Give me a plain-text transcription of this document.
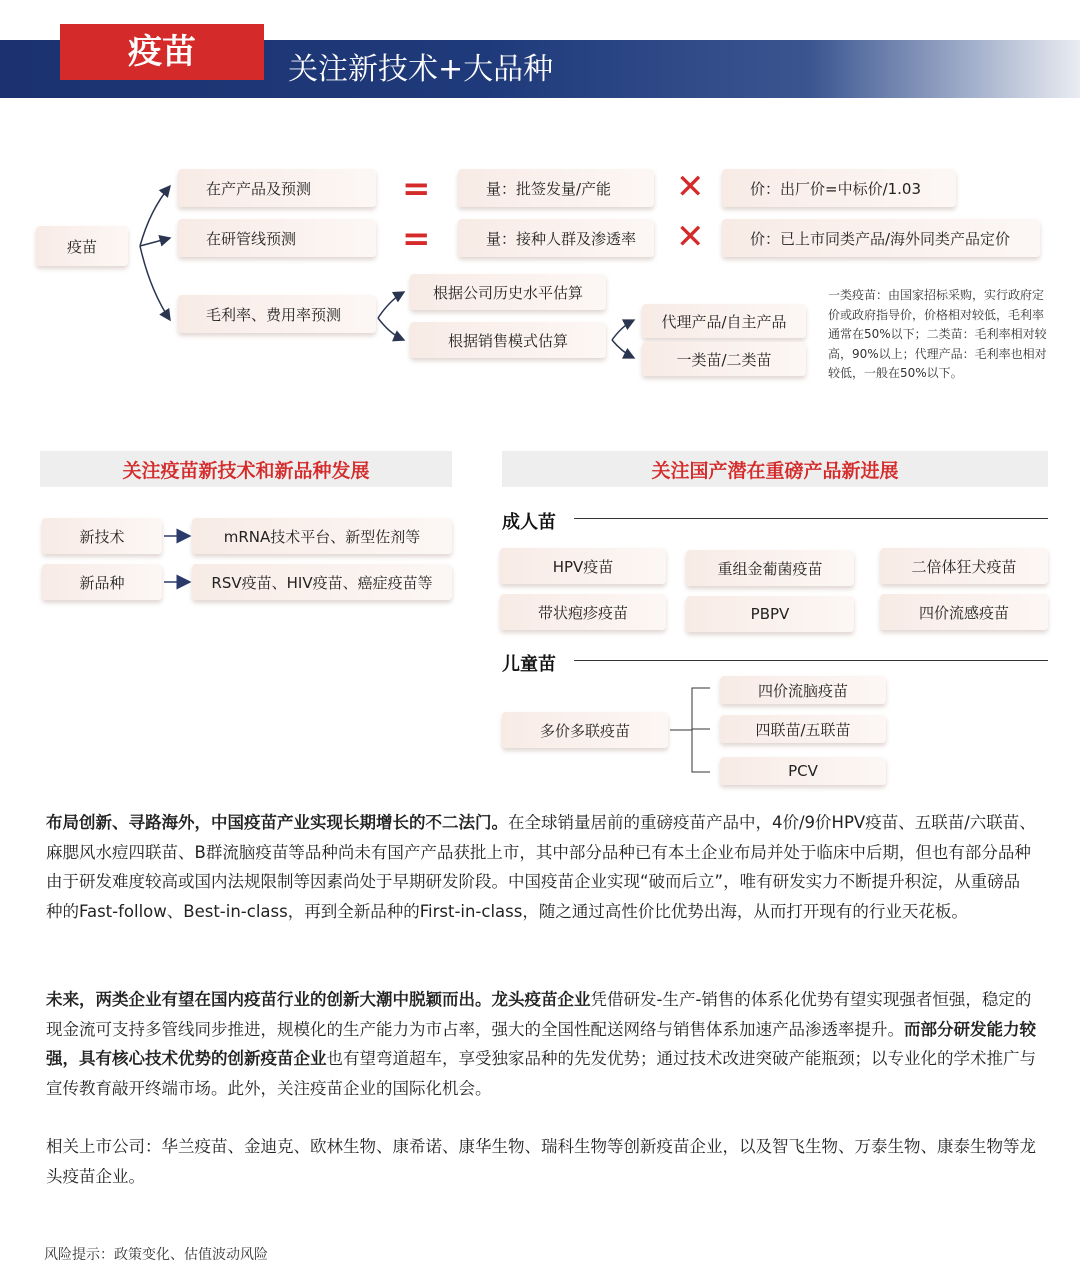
疫苗	关注新技术+大品种
疫苗
在产产品及预测	=	量：批签发量/产能	✕	价：出厂价=中标价/1.03
在研管线预测	=	量：接种人群及渗透率	✕	价：已上市同类产品/海外同类产品定价
毛利率、费用率预测
根据公司历史水平估算
根据销售模式估算
代理产品/自主产品
一类苗/二类苗
一类疫苗：由国家招标采购，实行政府定价或政府指导价，价格相对较低，毛利率通常在50%以下；二类苗：毛利率相对较高，90%以上；代理产品：毛利率也相对较低，一般在50%以下。
关注疫苗新技术和新品种发展
新技术	mRNA技术平台、新型佐剂等
新品种	RSV疫苗、HIV疫苗、癌症疫苗等
关注国产潜在重磅产品新进展
成人苗
HPV疫苗	重组金葡菌疫苗	二倍体狂犬疫苗
带状疱疹疫苗	PBPV	四价流感疫苗
儿童苗
多价多联疫苗
四价流脑疫苗
四联苗/五联苗
PCV
布局创新、寻路海外，中国疫苗产业实现长期增长的不二法门。在全球销量居前的重磅疫苗产品中，4价/9价HPV疫苗、五联苗/六联苗、麻腮风水痘四联苗、B群流脑疫苗等品种尚未有国产产品获批上市，其中部分品种已有本土企业布局并处于临床中后期，但也有部分品种由于研发难度较高或国内法规限制等因素尚处于早期研发阶段。中国疫苗企业实现“破而后立”，唯有研发实力不断提升积淀，从重磅品种的Fast-follow、Best-in-class，再到全新品种的First-in-class，随之通过高性价比优势出海，从而打开现有的行业天花板。
未来，两类企业有望在国内疫苗行业的创新大潮中脱颖而出。龙头疫苗企业凭借研发-生产-销售的体系化优势有望实现强者恒强，稳定的现金流可支持多管线同步推进，规模化的生产能力为市占率，强大的全国性配送网络与销售体系加速产品渗透率提升。而部分研发能力较强，具有核心技术优势的创新疫苗企业也有望弯道超车，享受独家品种的先发优势；通过技术改进突破产能瓶颈；以专业化的学术推广与宣传教育敲开终端市场。此外，关注疫苗企业的国际化机会。
相关上市公司：华兰疫苗、金迪克、欧林生物、康希诺、康华生物、瑞科生物等创新疫苗企业，以及智飞生物、万泰生物、康泰生物等龙头疫苗企业。
风险提示：政策变化、估值波动风险
